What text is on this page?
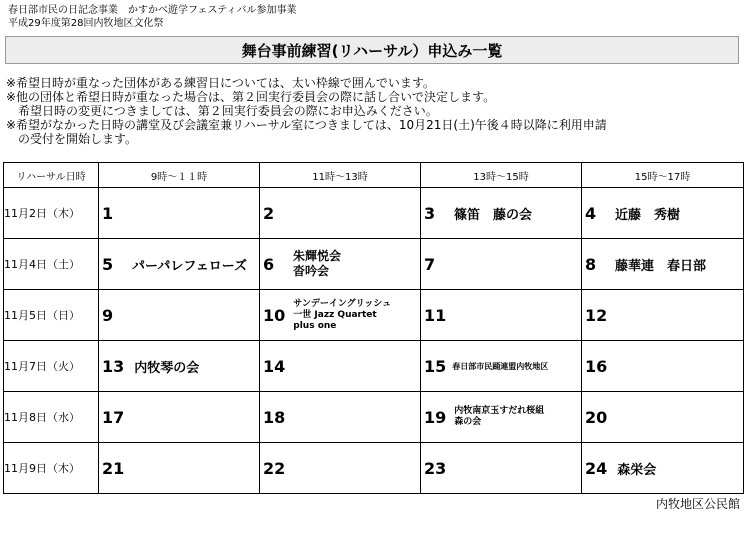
春日部市民の日記念事業　かすかべ遊学フェスティバル参加事業
平成29年度第28回内牧地区文化祭
舞台事前練習(リハーサル）申込み一覧
※希望日時が重なった団体がある練習日については、太い枠線で囲んでいます。
※他の団体と希望日時が重なった場合は、第２回実行委員会の際に話し合いで決定します。
　希望日時の変更につきましては、第２回実行委員会の際にお申込みください。
※希望がなかった日時の講堂及び会議室兼リハーサル室につきましては、10月21日(土)午後４時以降に利用申請
　の受付を開始します。
リハーサル日時	9時～１１時	11時～13時	13時～15時	15時～17時
11月2日（木）	1	2	3 篠笛　藤の会	4 近藤　秀樹

11月4日（土）	5 パーパレフェローズ	6 朱輝悦会
沓吟会	7	8 藤華連　春日部

11月5日（日）	9	10
サンデーイングリッシュ
一世 Jazz Quartet
plus one	11	12

11月7日（火）	13 内牧琴の会	14	15 春日部市民踊連盟内牧地区	16

11月8日（水）	17	18	19 内牧南京玉すだれ桜組
森の会	20

11月9日（木）	21	22	23	24 森栄会
内牧地区公民館
